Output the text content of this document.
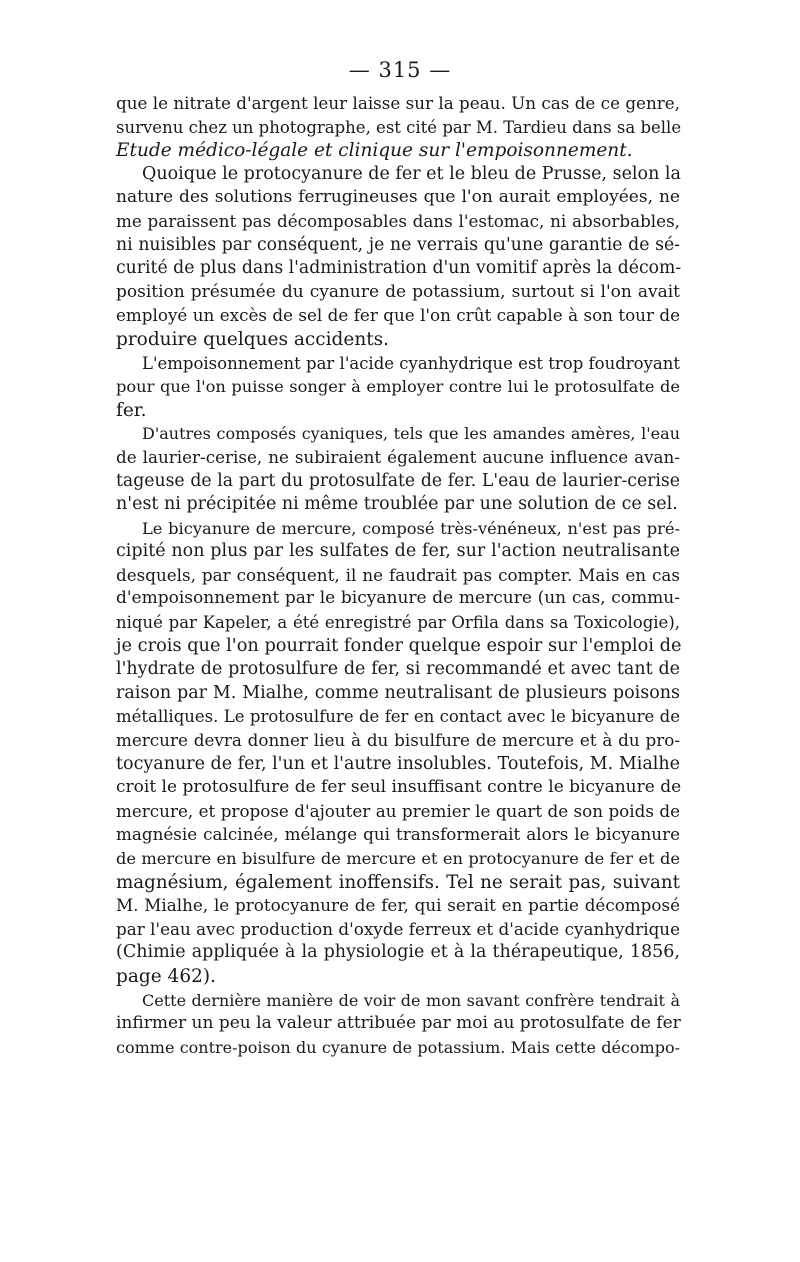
— 315 —
que le nitrate d'argent leur laisse sur la peau. Un cas de ce genre,
survenu chez un photographe, est cité par M. Tardieu dans sa belle
Etude médico-légale et clinique sur l'empoisonnement.
Quoique le protocyanure de fer et le bleu de Prusse, selon la
nature des solutions ferrugineuses que l'on aurait employées, ne
me paraissent pas décomposables dans l'estomac, ni absorbables,
ni nuisibles par conséquent, je ne verrais qu'une garantie de sé-
curité de plus dans l'administration d'un vomitif après la décom-
position présumée du cyanure de potassium, surtout si l'on avait
employé un excès de sel de fer que l'on crût capable à son tour de
produire quelques accidents.
L'empoisonnement par l'acide cyanhydrique est trop foudroyant
pour que l'on puisse songer à employer contre lui le protosulfate de
fer.
D'autres composés cyaniques, tels que les amandes amères, l'eau
de laurier-cerise, ne subiraient également aucune influence avan-
tageuse de la part du protosulfate de fer. L'eau de laurier-cerise
n'est ni précipitée ni même troublée par une solution de ce sel.
Le bicyanure de mercure, composé très-vénéneux, n'est pas pré-
cipité non plus par les sulfates de fer, sur l'action neutralisante
desquels, par conséquent, il ne faudrait pas compter. Mais en cas
d'empoisonnement par le bicyanure de mercure (un cas, commu-
niqué par Kapeler, a été enregistré par Orfila dans sa Toxicologie),
je crois que l'on pourrait fonder quelque espoir sur l'emploi de
l'hydrate de protosulfure de fer, si recommandé et avec tant de
raison par M. Mialhe, comme neutralisant de plusieurs poisons
métalliques. Le protosulfure de fer en contact avec le bicyanure de
mercure devra donner lieu à du bisulfure de mercure et à du pro-
tocyanure de fer, l'un et l'autre insolubles. Toutefois, M. Mialhe
croit le protosulfure de fer seul insuffisant contre le bicyanure de
mercure, et propose d'ajouter au premier le quart de son poids de
magnésie calcinée, mélange qui transformerait alors le bicyanure
de mercure en bisulfure de mercure et en protocyanure de fer et de
magnésium, également inoffensifs. Tel ne serait pas, suivant
M. Mialhe, le protocyanure de fer, qui serait en partie décomposé
par l'eau avec production d'oxyde ferreux et d'acide cyanhydrique
(Chimie appliquée à la physiologie et à la thérapeutique, 1856,
page 462).
Cette dernière manière de voir de mon savant confrère tendrait à
infirmer un peu la valeur attribuée par moi au protosulfate de fer
comme contre-poison du cyanure de potassium. Mais cette décompo-
